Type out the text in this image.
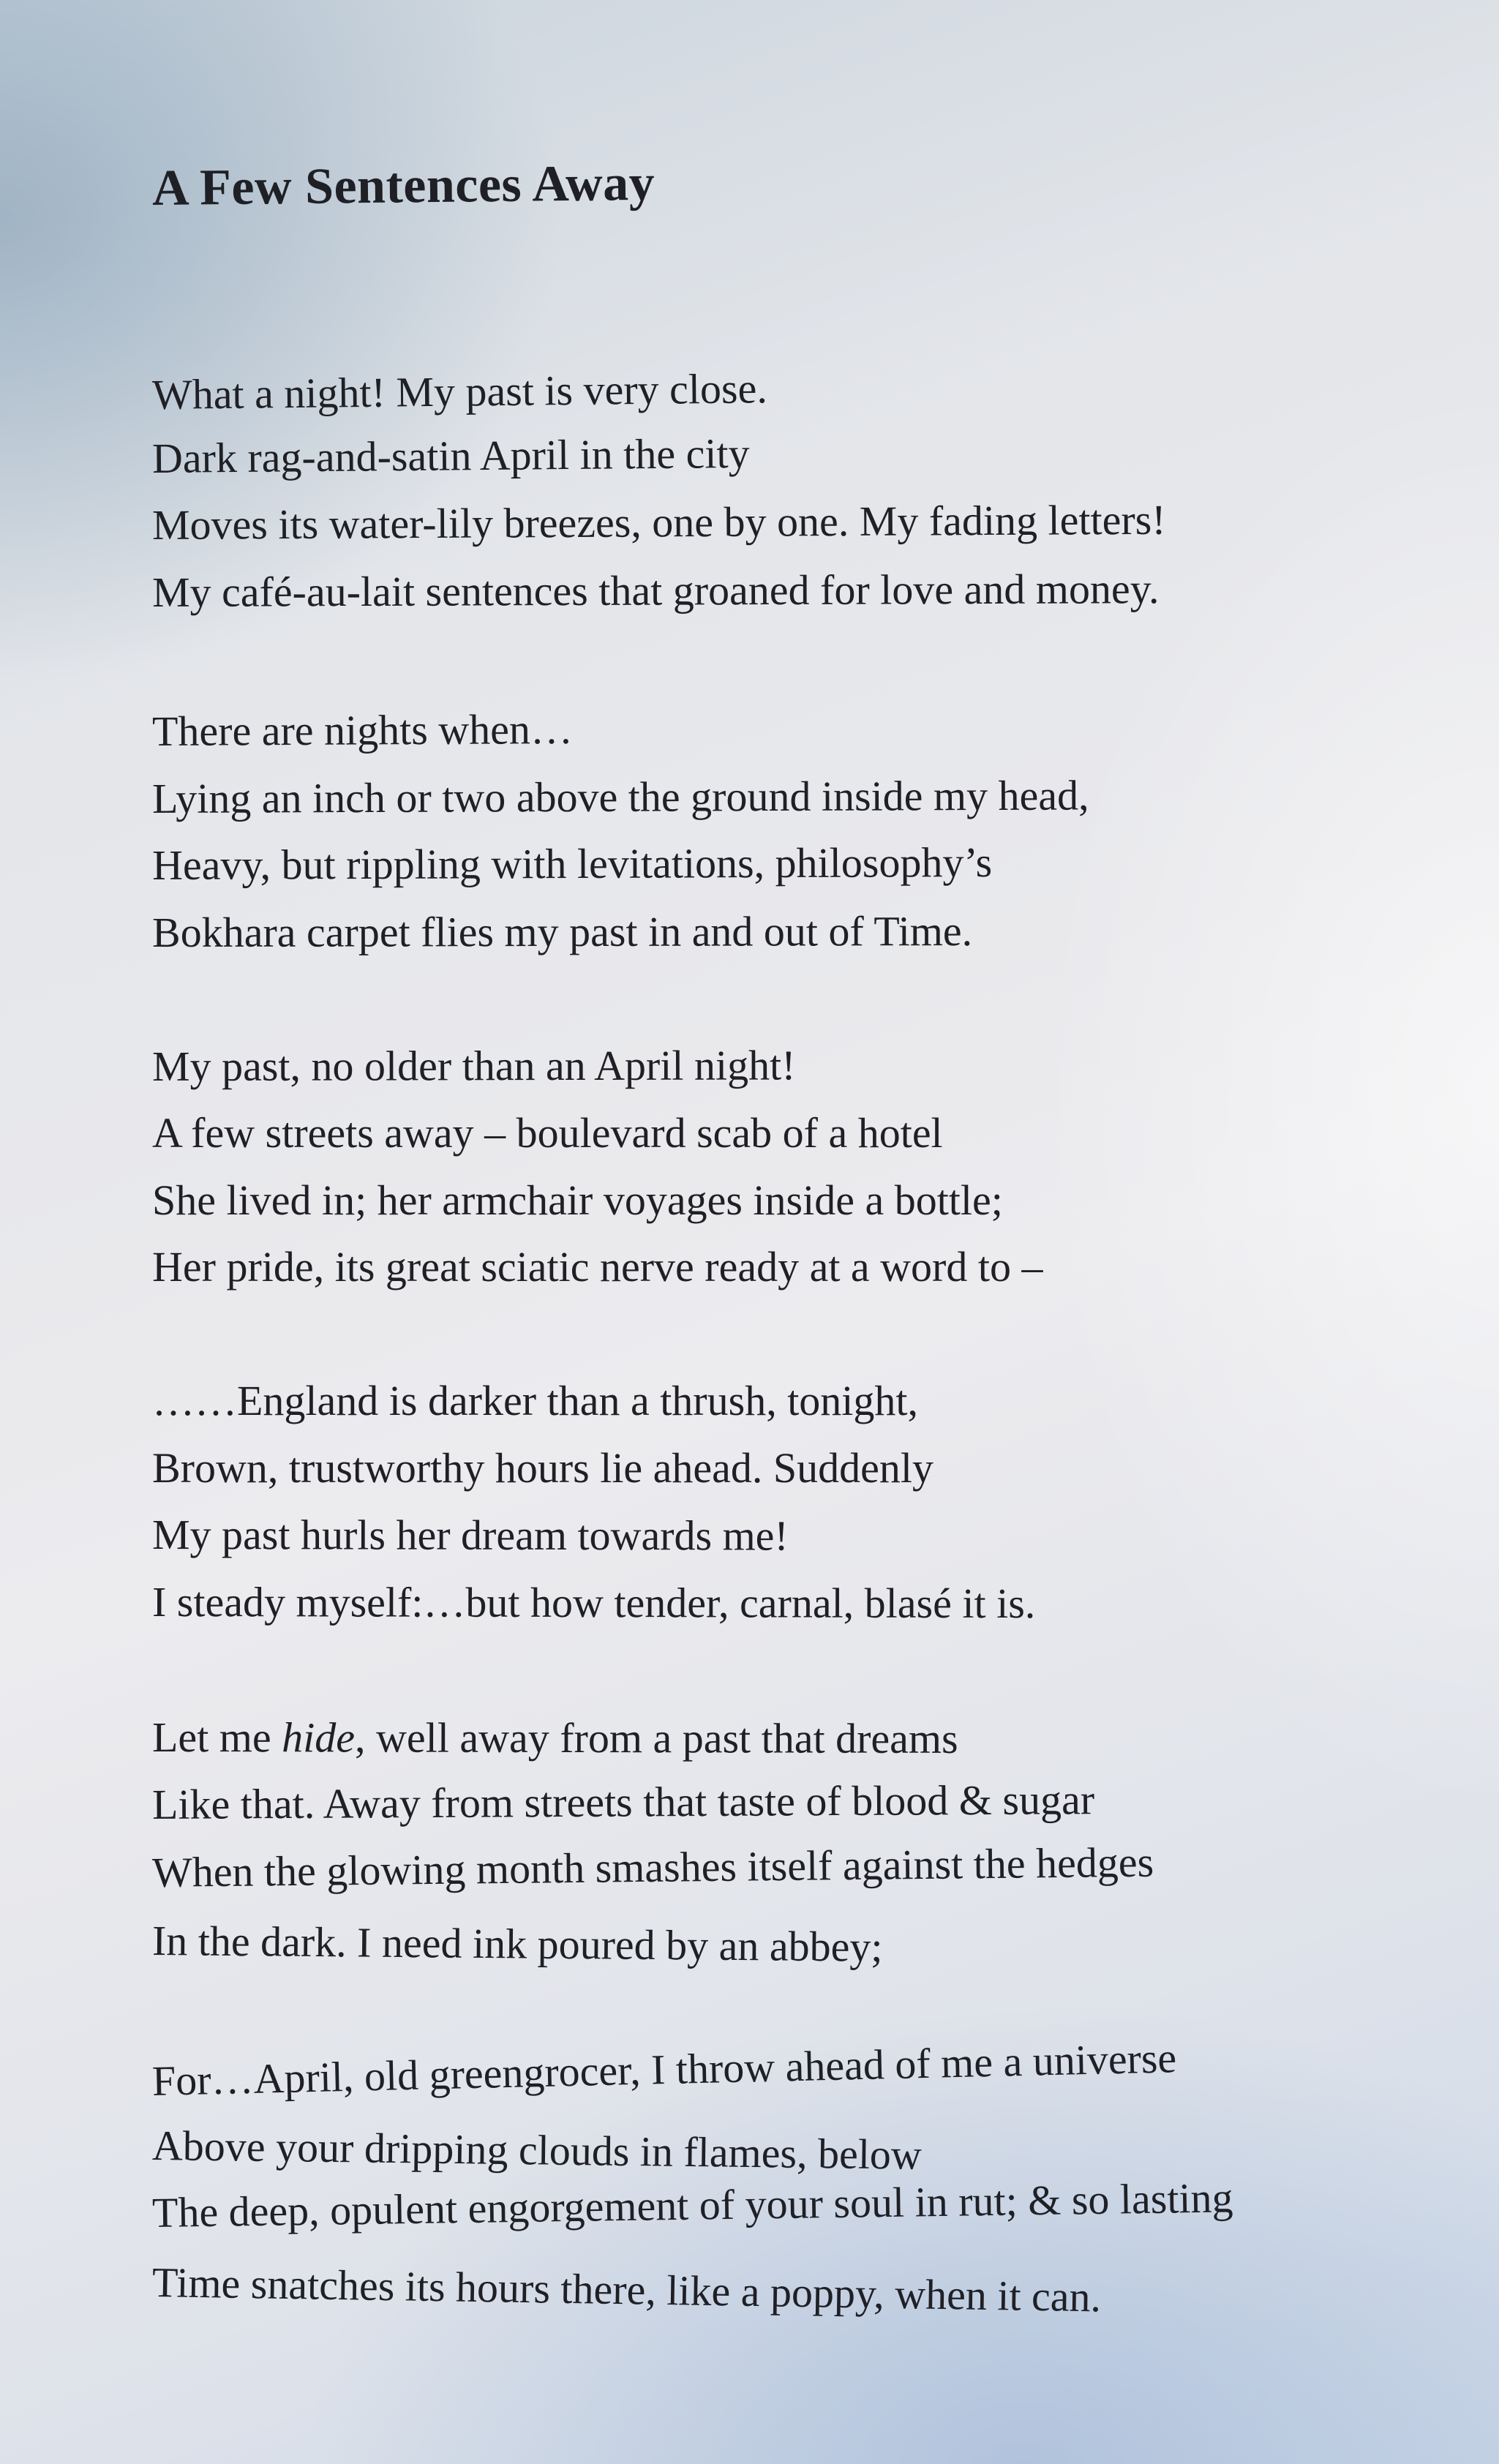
A Few Sentences Away
What a night! My past is very close.
Dark rag-and-satin April in the city
Moves its water-lily breezes, one by one. My fading letters!
My café-au-lait sentences that groaned for love and money.
There are nights when…
Lying an inch or two above the ground inside my head,
Heavy, but rippling with levitations, philosophy’s
Bokhara carpet flies my past in and out of Time.
My past, no older than an April night!
A few streets away – boulevard scab of a hotel
She lived in; her armchair voyages inside a bottle;
Her pride, its great sciatic nerve ready at a word to –
……England is darker than a thrush, tonight,
Brown, trustworthy hours lie ahead. Suddenly
My past hurls her dream towards me!
I steady myself:…but how tender, carnal, blasé it is.
Let me hide, well away from a past that dreams
Like that. Away from streets that taste of blood & sugar
When the glowing month smashes itself against the hedges
In the dark. I need ink poured by an abbey;
For…April, old greengrocer, I throw ahead of me a universe
Above your dripping clouds in flames, below
The deep, opulent engorgement of your soul in rut; & so lasting
Time snatches its hours there, like a poppy, when it can.
